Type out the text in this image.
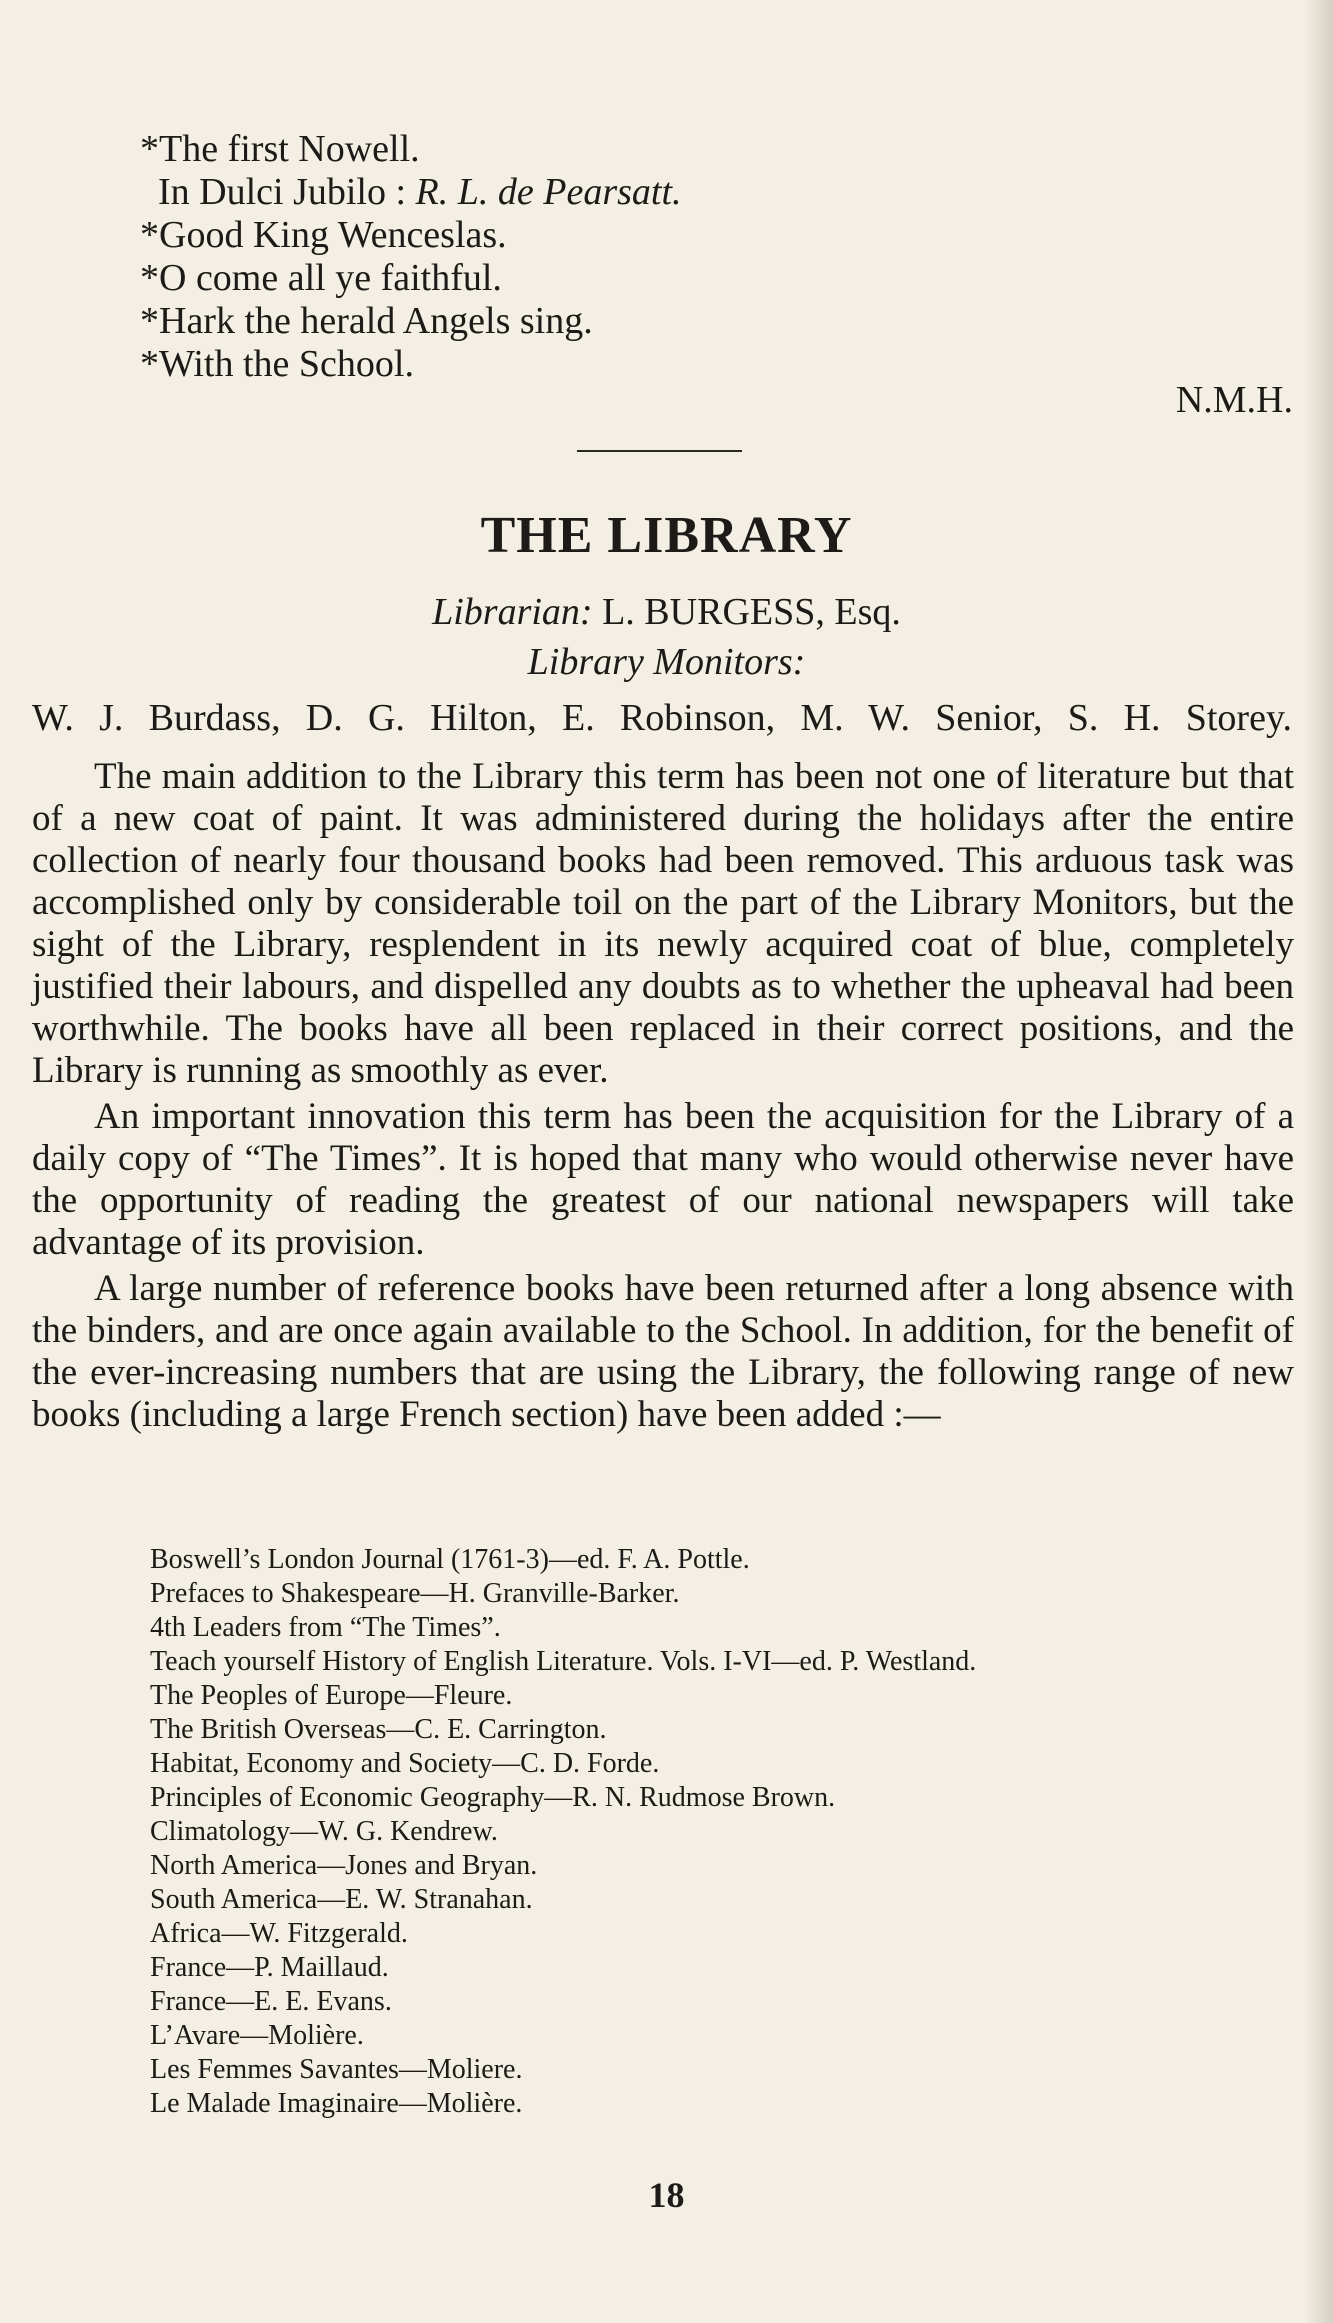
*The first Nowell.
In Dulci Jubilo : R. L. de Pearsatt.
*Good King Wenceslas.
*O come all ye faithful.
*Hark the herald Angels sing.
*With the School.
N.M.H.
THE LIBRARY
Librarian: L. BURGESS, Esq.
Library Monitors:
W. J. Burdass, D. G. Hilton, E. Robinson, M. W. Senior, S. H. Storey.

The main addition to the Library this term has been not one of literature but that of a new coat of paint. It was administered during the holidays after the entire collection of nearly four thousand books had been removed. This arduous task was accomplished only by considerable toil on the part of the Library Monitors, but the sight of the Library, resplendent in its newly acquired coat of blue, completely justified their labours, and dispelled any doubts as to whether the upheaval had been worthwhile. The books have all been replaced in their correct positions, and the Library is running as smoothly as ever.

An important innovation this term has been the acquisition for the Library of a daily copy of “The Times”. It is hoped that many who would otherwise never have the opportunity of reading the greatest of our national newspapers will take advantage of its provision.

A large number of reference books have been returned after a long absence with the binders, and are once again available to the School. In addition, for the benefit of the ever-increasing numbers that are using the Library, the following range of new books (including a large French section) have been added :—

Boswell’s London Journal (1761-3)—ed. F. A. Pottle.
Prefaces to Shakespeare—H. Granville-Barker.
4th Leaders from “The Times”.
Teach yourself History of English Literature. Vols. I-VI—ed. P. Westland.
The Peoples of Europe—Fleure.
The British Overseas—C. E. Carrington.
Habitat, Economy and Society—C. D. Forde.
Principles of Economic Geography—R. N. Rudmose Brown.
Climatology—W. G. Kendrew.
North America—Jones and Bryan.
South America—E. W. Stranahan.
Africa—W. Fitzgerald.
France—P. Maillaud.
France—E. E. Evans.
L’Avare—Molière.
Les Femmes Savantes—Moliere.
Le Malade Imaginaire—Molière.
18
